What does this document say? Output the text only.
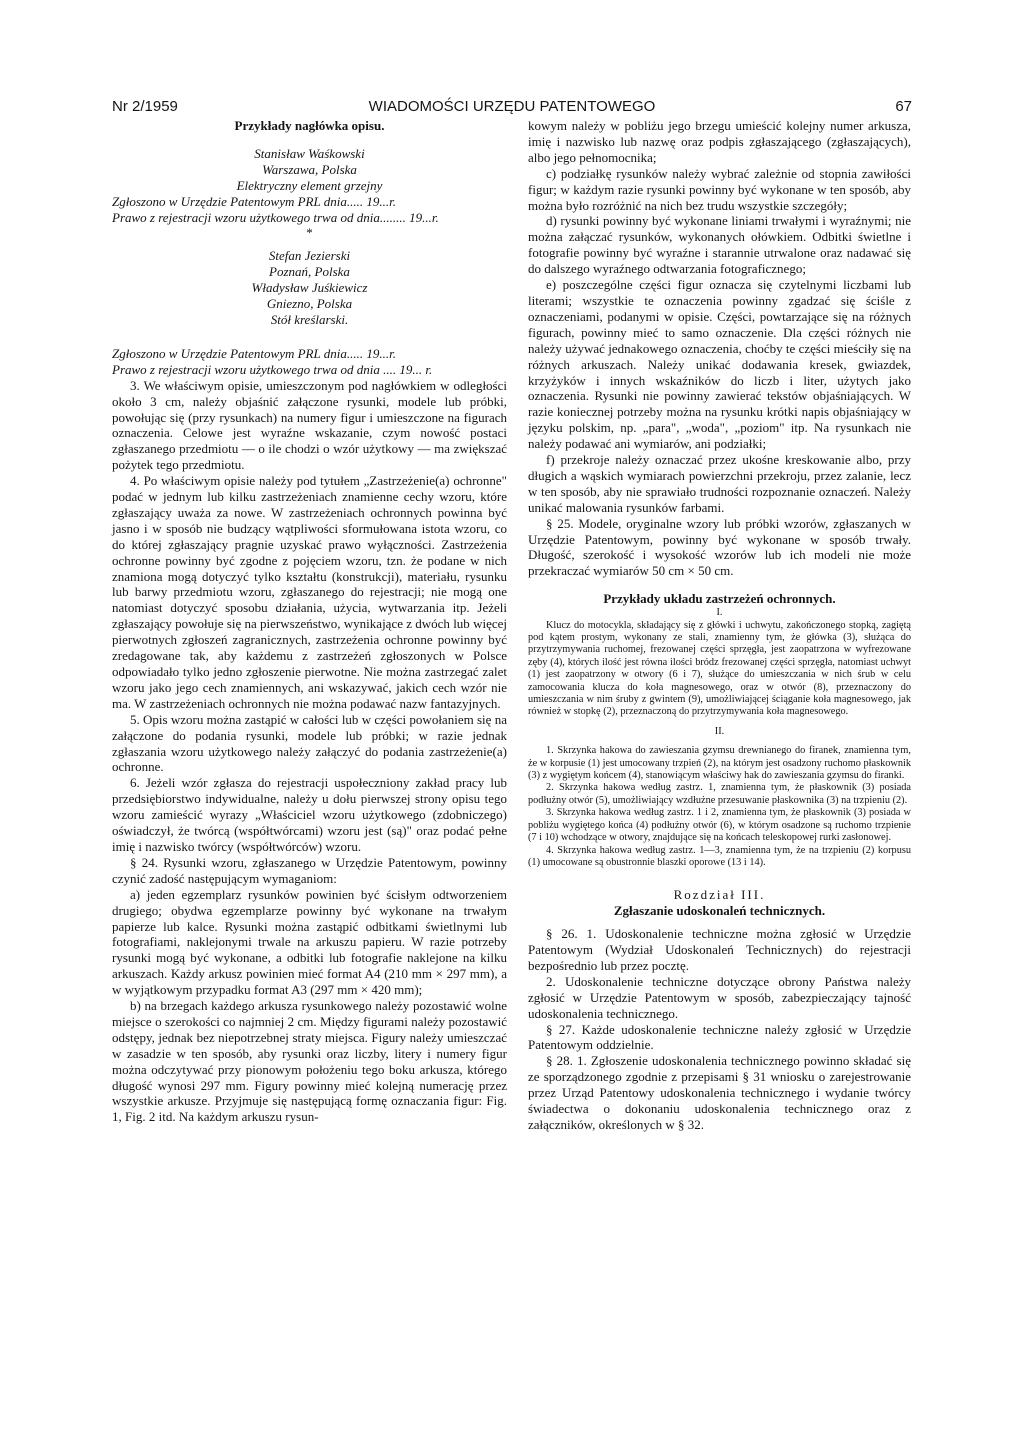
Nr 2/1959	WIADOMOŚCI URZĘDU PATENTOWEGO	67

Przykłady nagłówka opisu.

Stanisław Waśkowski

Warszawa, Polska

Elektryczny element grzejny

Zgłoszono w Urzędzie Patentowym PRL dnia..... 19...r.

Prawo z rejestracji wzoru użytkowego trwa od dnia........ 19...r.

*

Stefan Jezierski

Poznań, Polska

Władysław Juśkiewicz

Gniezno, Polska

Stół kreślarski.

Zgłoszono w Urzędzie Patentowym PRL dnia..... 19...r.

Prawo z rejestracji wzoru użytkowego trwa od dnia .... 19... r.

3. We właściwym opisie, umieszczonym pod nagłówkiem w odległości około 3 cm, należy objaśnić załączone rysunki, modele lub próbki, powołując się (przy rysunkach) na numery figur i umieszczone na figurach oznaczenia. Celowe jest wyraźne wskazanie, czym nowość postaci zgłaszanego przedmiotu — o ile chodzi o wzór użytkowy — ma zwiększać pożytek tego przedmiotu.

4. Po właściwym opisie należy pod tytułem „Zastrzeżenie(a) ochronne" podać w jednym lub kilku zastrzeżeniach znamienne cechy wzoru, które zgłaszający uważa za nowe. W zastrzeżeniach ochronnych powinna być jasno i w sposób nie budzący wątpliwości sformułowana istota wzoru, co do której zgłaszający pragnie uzyskać prawo wyłączności. Zastrzeżenia ochronne powinny być zgodne z pojęciem wzoru, tzn. że podane w nich znamiona mogą dotyczyć tylko kształtu (konstrukcji), materiału, rysunku lub barwy przedmiotu wzoru, zgłaszanego do rejestracji; nie mogą one natomiast dotyczyć sposobu działania, użycia, wytwarzania itp. Jeżeli zgłaszający powołuje się na pierwszeństwo, wynikające z dwóch lub więcej pierwotnych zgłoszeń zagranicznych, zastrzeżenia ochronne powinny być zredagowane tak, aby każdemu z zastrzeżeń zgłoszonych w Polsce odpowiadało tylko jedno zgłoszenie pierwotne. Nie można zastrzegać zalet wzoru jako jego cech znamiennych, ani wskazywać, jakich cech wzór nie ma. W zastrzeżeniach ochronnych nie można podawać nazw fantazyjnych.

5. Opis wzoru można zastąpić w całości lub w części powołaniem się na załączone do podania rysunki, modele lub próbki; w razie jednak zgłaszania wzoru użytkowego należy załączyć do podania zastrzeżenie(a) ochronne.

6. Jeżeli wzór zgłasza do rejestracji uspołeczniony zakład pracy lub przedsiębiorstwo indywidualne, należy u dołu pierwszej strony opisu tego wzoru zamieścić wyrazy „Właściciel wzoru użytkowego (zdobniczego) oświadczył, że twórcą (współtwórcami) wzoru jest (są)" oraz podać pełne imię i nazwisko twórcy (współtwórców) wzoru.

§ 24. Rysunki wzoru, zgłaszanego w Urzędzie Patentowym, powinny czynić zadość następującym wymaganiom:

a) jeden egzemplarz rysunków powinien być ścisłym odtworzeniem drugiego; obydwa egzemplarze powinny być wykonane na trwałym papierze lub kalce. Rysunki można zastąpić odbitkami świetlnymi lub fotografiami, naklejonymi trwale na arkuszu papieru. W razie potrzeby rysunki mogą być wykonane, a odbitki lub fotografie naklejone na kilku arkuszach. Każdy arkusz powinien mieć format A4 (210 mm × 297 mm), a w wyjątkowym przypadku format A3 (297 mm × 420 mm);

b) na brzegach każdego arkusza rysunkowego należy pozostawić wolne miejsce o szerokości co najmniej 2 cm. Między figurami należy pozostawić odstępy, jednak bez niepotrzebnej straty miejsca. Figury należy umieszczać w zasadzie w ten sposób, aby rysunki oraz liczby, litery i numery figur można odczytywać przy pionowym położeniu tego boku arkusza, którego długość wynosi 297 mm. Figury powinny mieć kolejną numerację przez wszystkie arkusze. Przyjmuje się następującą formę oznaczania figur: Fig. 1, Fig. 2 itd. Na każdym arkuszu rysun-

kowym należy w pobliżu jego brzegu umieścić kolejny numer arkusza, imię i nazwisko lub nazwę oraz podpis zgłaszającego (zgłaszających), albo jego pełnomocnika;

c) podziałkę rysunków należy wybrać zależnie od stopnia zawiłości figur; w każdym razie rysunki powinny być wykonane w ten sposób, aby można było rozróżnić na nich bez trudu wszystkie szczegóły;

d) rysunki powinny być wykonane liniami trwałymi i wyraźnymi; nie można załączać rysunków, wykonanych ołówkiem. Odbitki świetlne i fotografie powinny być wyraźne i starannie utrwalone oraz nadawać się do dalszego wyraźnego odtwarzania fotograficznego;

e) poszczególne części figur oznacza się czytelnymi liczbami lub literami; wszystkie te oznaczenia powinny zgadzać się ściśle z oznaczeniami, podanymi w opisie. Części, powtarzające się na różnych figurach, powinny mieć to samo oznaczenie. Dla części różnych nie należy używać jednakowego oznaczenia, choćby te części mieściły się na różnych arkuszach. Należy unikać dodawania kresek, gwiazdek, krzyżyków i innych wskaźników do liczb i liter, użytych jako oznaczenia. Rysunki nie powinny zawierać tekstów objaśniających. W razie koniecznej potrzeby można na rysunku krótki napis objaśniający w języku polskim, np. „para", „woda", „poziom" itp. Na rysunkach nie należy podawać ani wymiarów, ani podziałki;

f) przekroje należy oznaczać przez ukośne kreskowanie albo, przy długich a wąskich wymiarach powierzchni przekroju, przez zalanie, lecz w ten sposób, aby nie sprawiało trudności rozpoznanie oznaczeń. Należy unikać malowania rysunków farbami.

§ 25. Modele, oryginalne wzory lub próbki wzorów, zgłaszanych w Urzędzie Patentowym, powinny być wykonane w sposób trwały. Długość, szerokość i wysokość wzorów lub ich modeli nie może przekraczać wymiarów 50 cm × 50 cm.

Przykłady układu zastrzeżeń ochronnych.

I.

Klucz do motocykla, składający się z główki i uchwytu, zakończonego stopką, zagiętą pod kątem prostym, wykonany ze stali, znamienny tym, że główka (3), służąca do przytrzymywania ruchomej, frezowanej części sprzęgła, jest zaopatrzona w wyfrezowane zęby (4), których ilość jest równa ilości bródz frezowanej części sprzęgła, natomiast uchwyt (1) jest zaopatrzony w otwory (6 i 7), służące do umieszczania w nich śrub w celu zamocowania klucza do koła magnesowego, oraz w otwór (8), przeznaczony do umieszczania w nim śruby z gwintem (9), umożliwiającej ściąganie koła magnesowego, jak również w stopkę (2), przeznaczoną do przytrzymywania koła magnesowego.

II.

1. Skrzynka hakowa do zawieszania gzymsu drewnianego do firanek, znamienna tym, że w korpusie (1) jest umocowany trzpień (2), na którym jest osadzony ruchomo płaskownik (3) z wygiętym końcem (4), stanowiącym właściwy hak do zawieszania gzymsu do firanki.

2. Skrzynka hakowa według zastrz. 1, znamienna tym, że płaskownik (3) posiada podłużny otwór (5), umożliwiający wzdłużne przesuwanie płaskownika (3) na trzpieniu (2).

3. Skrzynka hakowa według zastrz. 1 i 2, znamienna tym, że płaskownik (3) posiada w pobliżu wygiętego końca (4) podłużny otwór (6), w którym osadzone są ruchomo trzpienie (7 i 10) wchodzące w otwory, znajdujące się na końcach teleskopowej rurki zasłonowej.

4. Skrzynka hakowa według zastrz. 1—3, znamienna tym, że na trzpieniu (2) korpusu (1) umocowane są obustronnie blaszki oporowe (13 i 14).

Rozdział III.

Zgłaszanie udoskonaleń technicznych.

§ 26. 1. Udoskonalenie techniczne można zgłosić w Urzędzie Patentowym (Wydział Udoskonaleń Technicznych) do rejestracji bezpośrednio lub przez pocztę.

2. Udoskonalenie techniczne dotyczące obrony Państwa należy zgłosić w Urzędzie Patentowym w sposób, zabezpieczający tajność udoskonalenia technicznego.

§ 27. Każde udoskonalenie techniczne należy zgłosić w Urzędzie Patentowym oddzielnie.

§ 28. 1. Zgłoszenie udoskonalenia technicznego powinno składać się ze sporządzonego zgodnie z przepisami § 31 wniosku o zarejestrowanie przez Urząd Patentowy udoskonalenia technicznego i wydanie twórcy świadectwa o dokonaniu udoskonalenia technicznego oraz z załączników, określonych w § 32.
